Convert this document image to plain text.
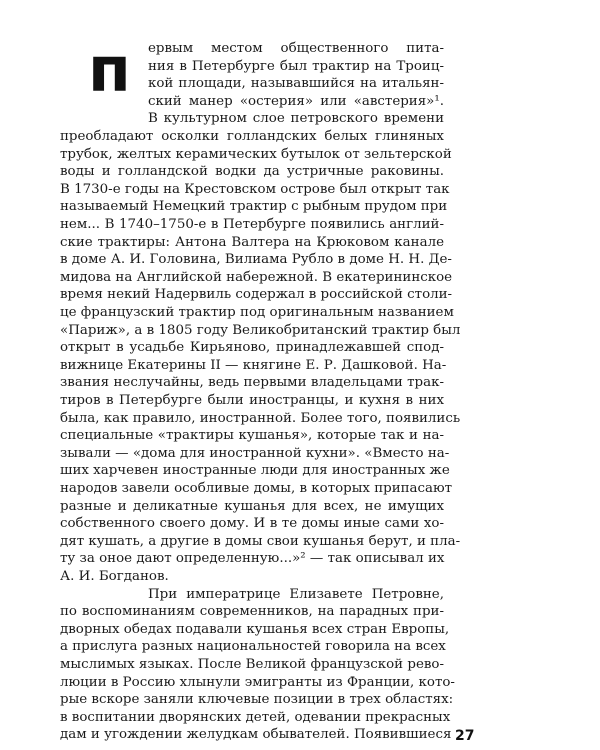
п	ервым местом общественного пита-
ния в Петербурге был трактир на Троиц-
кой площади, называвшийся на итальян-
ский манер «остерия» или «австерия»¹.
В культурном слое петровского времени
преобладают осколки голландских белых глиняных
трубок, желтых керамических бутылок от зельтерской
воды и голландской водки да устричные раковины.
В 1730-е годы на Крестовском острове был открыт так
называемый Немецкий трактир с рыбным прудом при
нем... В 1740–1750-е в Петербурге появились англий-
ские трактиры: Антона Валтера на Крюковом канале
в доме А. И. Головина, Вилиама Рубло в доме Н. Н. Де-
мидова на Английской набережной. В екатерининское
время некий Надервиль содержал в российской столи-
це французский трактир под оригинальным названием
«Париж», а в 1805 году Великобританский трактир был
открыт в усадьбе Кирьяново, принадлежавшей спод-
вижнице Екатерины II — княгине Е. Р. Дашковой. На-
звания неслучайны, ведь первыми владельцами трак-
тиров в Петербурге были иностранцы, и кухня в них
была, как правило, иностранной. Более того, появились
специальные «трактиры кушанья», которые так и на-
зывали — «дома для иностранной кухни». «Вместо на-
ших харчевен иностранные люди для иностранных же
народов завели особливые домы, в которых припасают
разные и деликатные кушанья для всех, не имущих
собственного своего дому. И в те домы иные сами хо-
дят кушать, а другие в домы свои кушанья берут, и пла-
ту за оное дают определенную...»² — так описывал их
А. И. Богданов.
При императрице Елизавете Петровне,
по воспоминаниям современников, на парадных при-
дворных обедах подавали кушанья всех стран Европы,
а прислуга разных национальностей говорила на всех
мыслимых языках. После Великой французской рево-
люции в Россию хлынули эмигранты из Франции, кото-
рые вскоре заняли ключевые позиции в трех областях:
в воспитании дворянских детей, одевании прекрасных
дам и угождении желудкам обывателей. Появившиеся 27
